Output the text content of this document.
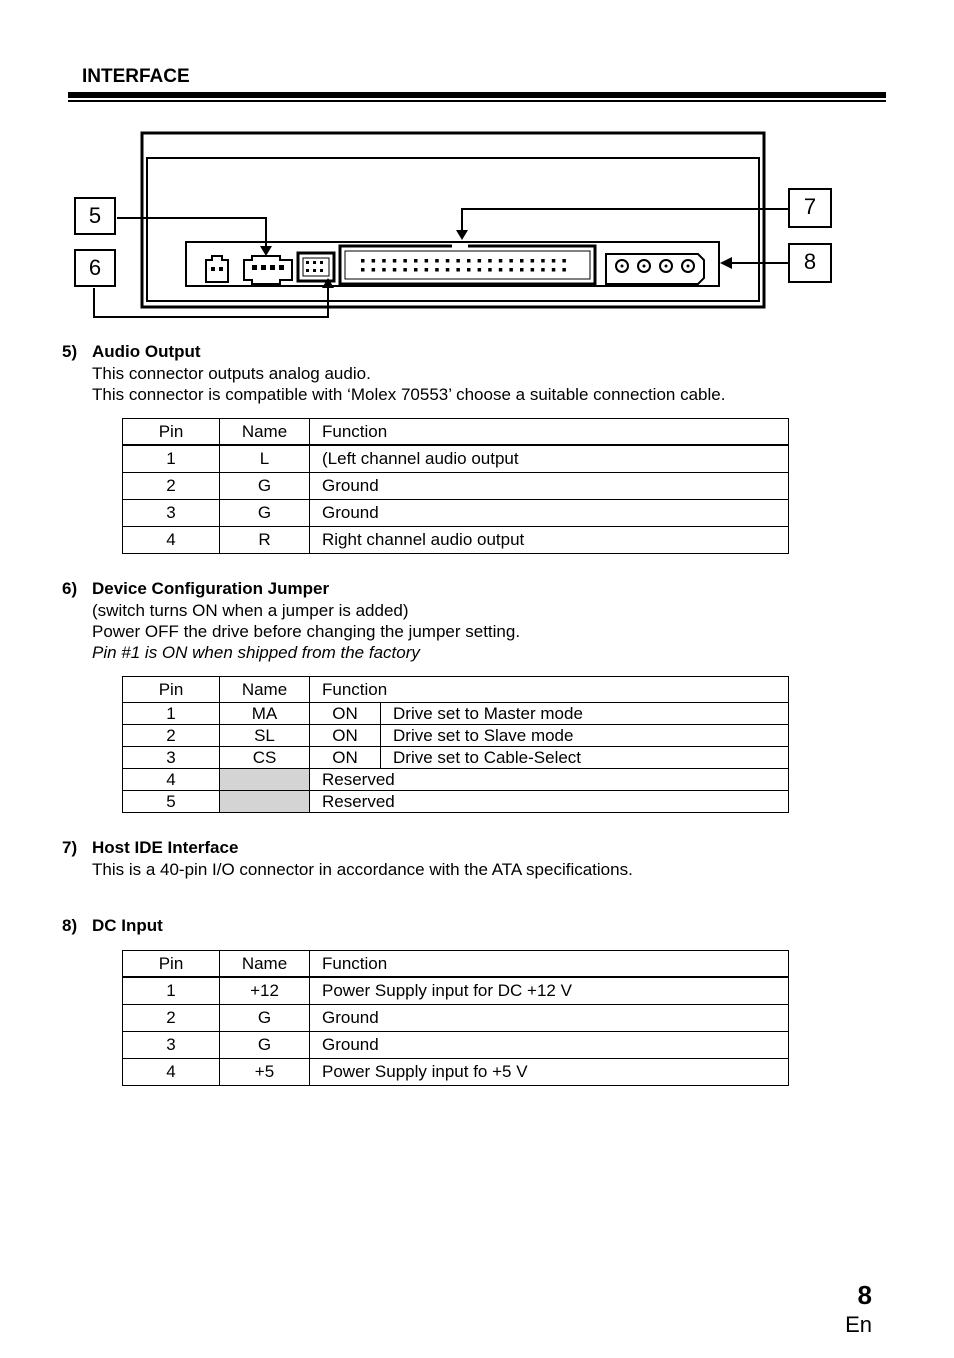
INTERFACE
5
6
7
8
5) Audio Output
This connector outputs analog audio.
This connector is compatible with ‘Molex 70553’ choose a suitable connection cable.
Pin	Name	Function
1	L	(Left channel audio output
2	G	Ground
3	G	Ground
4	R	Right channel audio output
6) Device Configuration Jumper
(switch turns ON when a jumper is added)
Power OFF the drive before changing the jumper setting.
Pin #1 is ON when shipped from the factory
Pin	Name	Function	
1	MA	ON	Drive set to Master mode
2	SL	ON	Drive set to Slave mode
3	CS	ON	Drive set to Cable-Select
4		Reserved	
5		Reserved	
7) Host IDE Interface
This is a 40-pin I/O connector in accordance with the ATA specifications.
8) DC Input
Pin	Name	Function
1	+12	Power Supply input for DC +12 V
2	G	Ground
3	G	Ground
4	+5	Power Supply input fo +5 V
8
En
